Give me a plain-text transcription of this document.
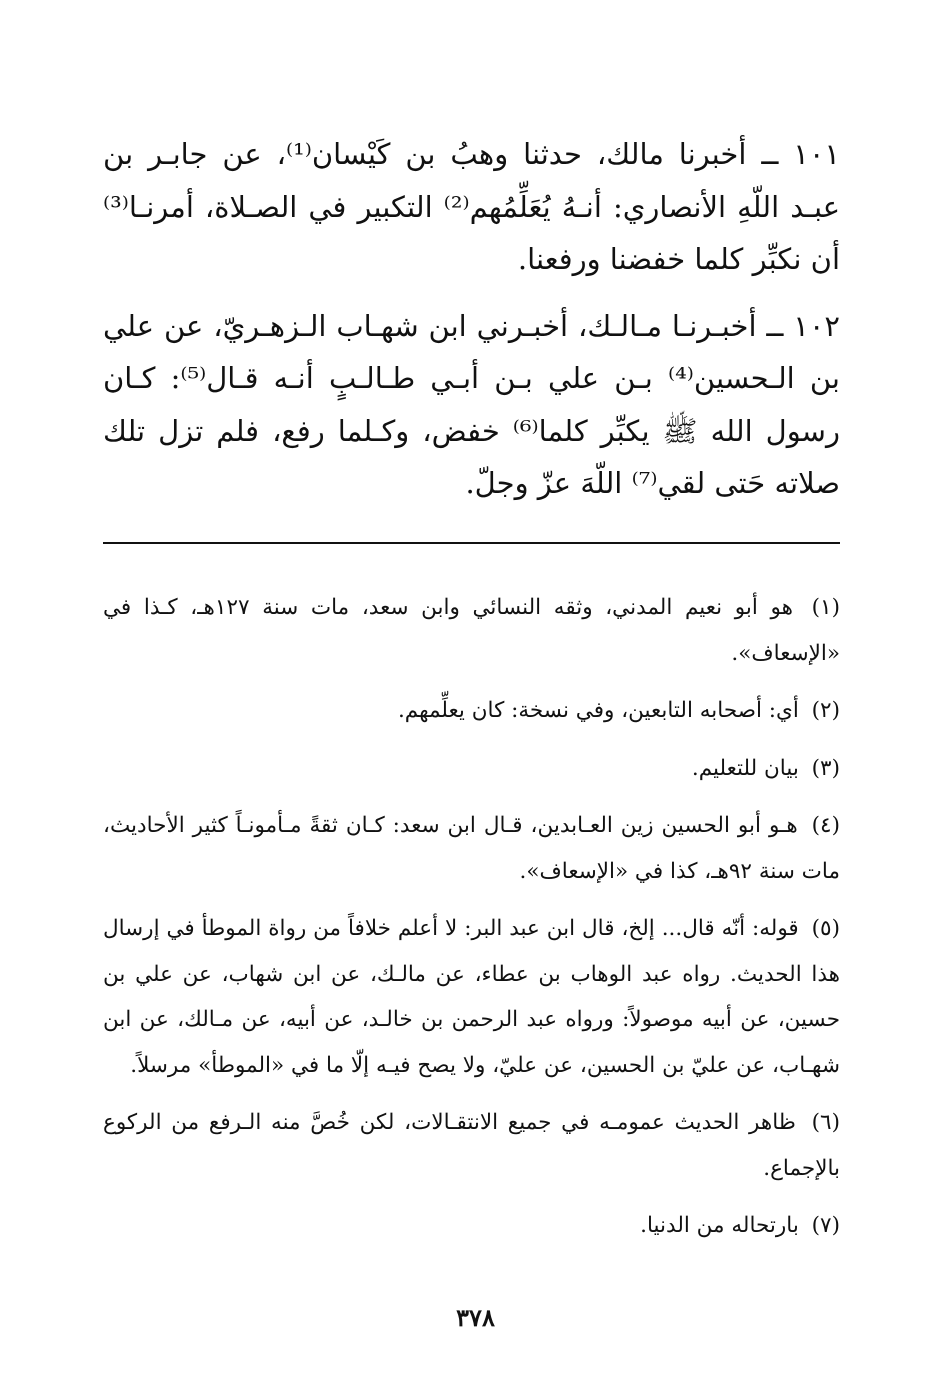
١٠١ ــ أخبرنا مالك، حدثنا وهبُ بن كَيْسان⁽¹⁾، عن جابـر بن عبـد اللّهِ الأنصاري: أنـهُ يُعَلِّمُهم⁽²⁾ التكبير في الصـلاة، أمرنـا⁽³⁾ أن نكبِّر كلما خفضنا ورفعنا.

١٠٢ ــ أخبـرنـا مـالـك، أخبـرني ابن شهـاب الـزهـريّ، عن علي بن الـحسين⁽⁴⁾ بـن علي بـن أبـي طـالـبٍ أنـه قـال⁽⁵⁾: كـان رسول الله ﷺ يكبِّر كلما⁽⁶⁾ خفض، وكـلما رفع، فلم تزل تلك صلاته حَتى لقي⁽⁷⁾ اللّهَ عزّ وجلّ.

(١) هو أبو نعيم المدني، وثقه النسائي وابن سعد، مات سنة ١٢٧هـ، كـذا في «الإسعاف».

(٢) أي: أصحابه التابعين، وفي نسخة: كان يعلِّمهم.

(٣) بيان للتعليم.

(٤) هـو أبو الحسين زين العـابدين، قـال ابن سعد: كـان ثقةً مـأمونـاً كثير الأحاديث، مات سنة ٩٢هـ، كذا في «الإسعاف».

(٥) قوله: أنّه قال... إلخ، قال ابن عبد البر: لا أعلم خلافاً من رواة الموطأ في إرسال هذا الحديث. رواه عبد الوهاب بن عطاء، عن مالـك، عن ابن شهاب، عن علي بن حسين، عن أبيه موصولاً: ورواه عبد الرحمن بن خالـد، عن أبيه، عن مـالك، عن ابن شهـاب، عن عليّ بن الحسين، عن عليّ، ولا يصح فيـه إلّا ما في «الموطأ» مرسلاً.

(٦) ظاهر الحديث عمومـه في جميع الانتقـالات، لكن خُصَّ منه الـرفع من الركوع بالإجماع.

(٧) بارتحاله من الدنيا.

٣٧٨
